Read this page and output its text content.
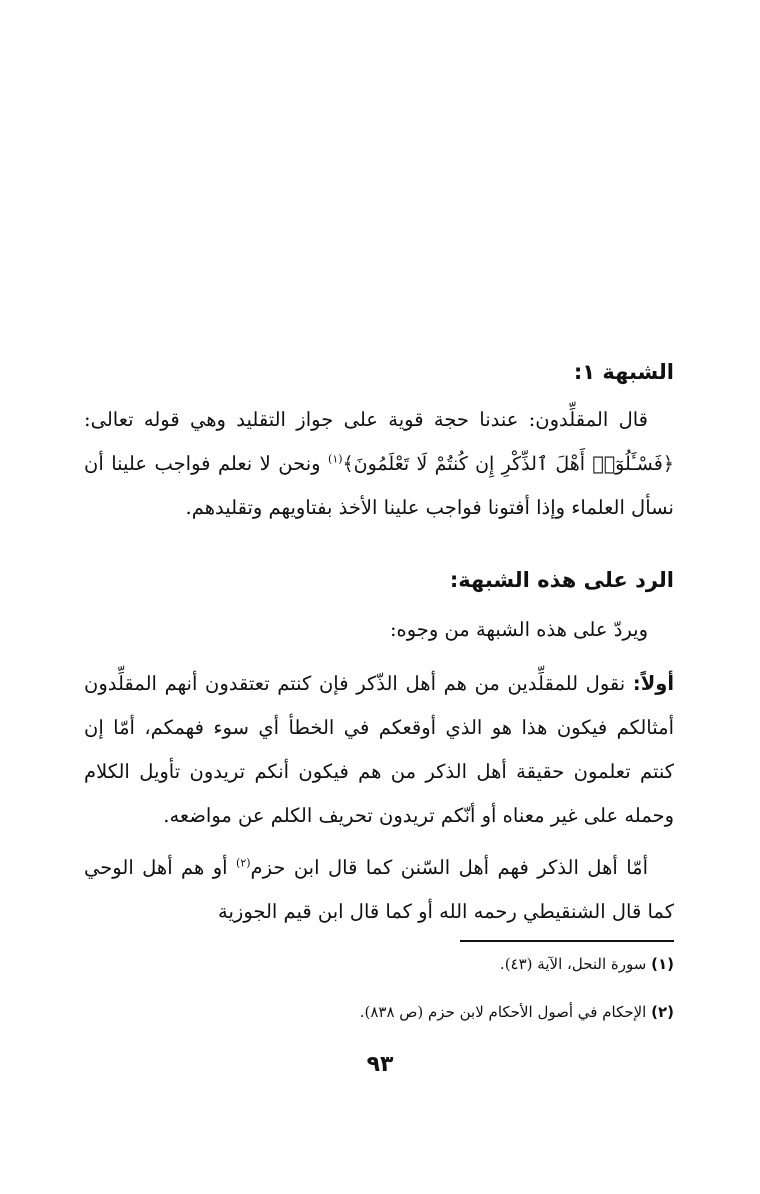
الشبهة ١:
قال المقلِّدون: عندنا حجة قوية على جواز التقليد وهي قوله تعالى: ﴿فَسْـَٔلُوٓا۟ أَهْلَ ٱلذِّكْرِ إِن كُنتُمْ لَا تَعْلَمُونَ﴾$^{(١)}$ ونحن لا نعلم فواجب علينا أن نسأل العلماء وإذا أفتونا فواجب علينا الأخذ بفتاويهم وتقليدهم.
الرد على هذه الشبهة:
ويردّ على هذه الشبهة من وجوه:
أولاً: نقول للمقلِّدين من هم أهل الذّكر فإن كنتم تعتقدون أنهم المقلِّدون أمثالكم فيكون هذا هو الذي أوقعكم في الخطأ أي سوء فهمكم، أمّا إن كنتم تعلمون حقيقة أهل الذكر من هم فيكون أنكم تريدون تأويل الكلام وحمله على غير معناه أو أنّكم تريدون تحريف الكلم عن مواضعه.
أمّا أهل الذكر فهم أهل السّنن كما قال ابن حزم$^{(٢)}$ أو هم أهل الوحي كما قال الشنقيطي رحمه الله أو كما قال ابن قيم الجوزية
(١) سورة النحل، الآية (٤٣).
(٢) الإحكام في أصول الأحكام لابن حزم (ص ٨٣٨).
٩٣
